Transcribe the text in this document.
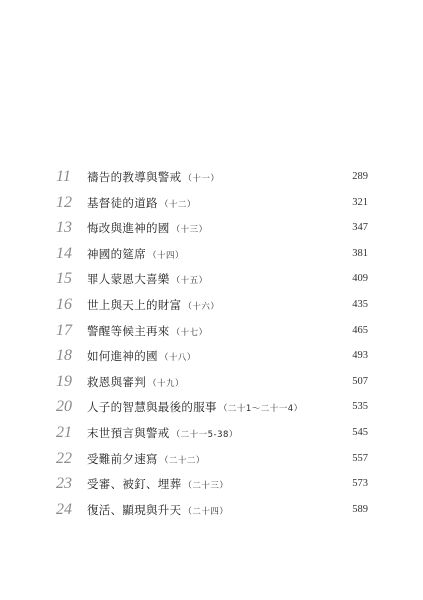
11	禱告的教導與警戒 （十一）	289
12	基督徒的道路 （十二）	321
13	悔改與進神的國 （十三）	347
14	神國的筵席 （十四）	381
15	罪人蒙恩大喜樂 （十五）	409
16	世上與天上的財富 （十六）	435
17	警醒等候主再來 （十七）	465
18	如何進神的國 （十八）	493
19	救恩與審判 （十九）	507
20	人子的智慧與最後的服事 （二十1～二十一4）	535
21	末世預言與警戒 （二十一5-38）	545
22	受難前夕速寫 （二十二）	557
23	受審、被釘、埋葬 （二十三）	573
24	復活、顯現與升天 （二十四）	589
